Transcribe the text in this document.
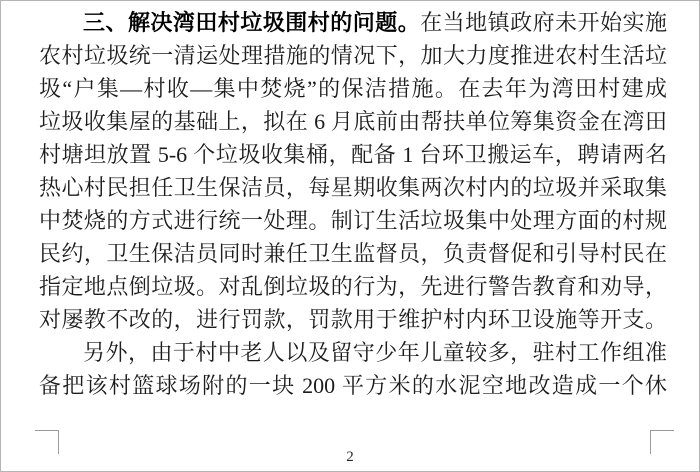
三、解决湾田村垃圾围村的问题。在当地镇政府未开始实施
农村垃圾统一清运处理措施的情况下，加大力度推进农村生活垃
圾“户集—村收—集中焚烧”的保洁措施。在去年为湾田村建成
垃圾收集屋的基础上，拟在 6 月底前由帮扶单位筹集资金在湾田
村塘坦放置 5-6 个垃圾收集桶，配备 1 台环卫搬运车，聘请两名
热心村民担任卫生保洁员，每星期收集两次村内的垃圾并采取集
中焚烧的方式进行统一处理。制订生活垃圾集中处理方面的村规
民约，卫生保洁员同时兼任卫生监督员，负责督促和引导村民在
指定地点倒垃圾。对乱倒垃圾的行为，先进行警告教育和劝导，
对屡教不改的，进行罚款，罚款用于维护村内环卫设施等开支。
另外，由于村中老人以及留守少年儿童较多，驻村工作组准
备把该村篮球场附的一块 200 平方米的水泥空地改造成一个休
2
